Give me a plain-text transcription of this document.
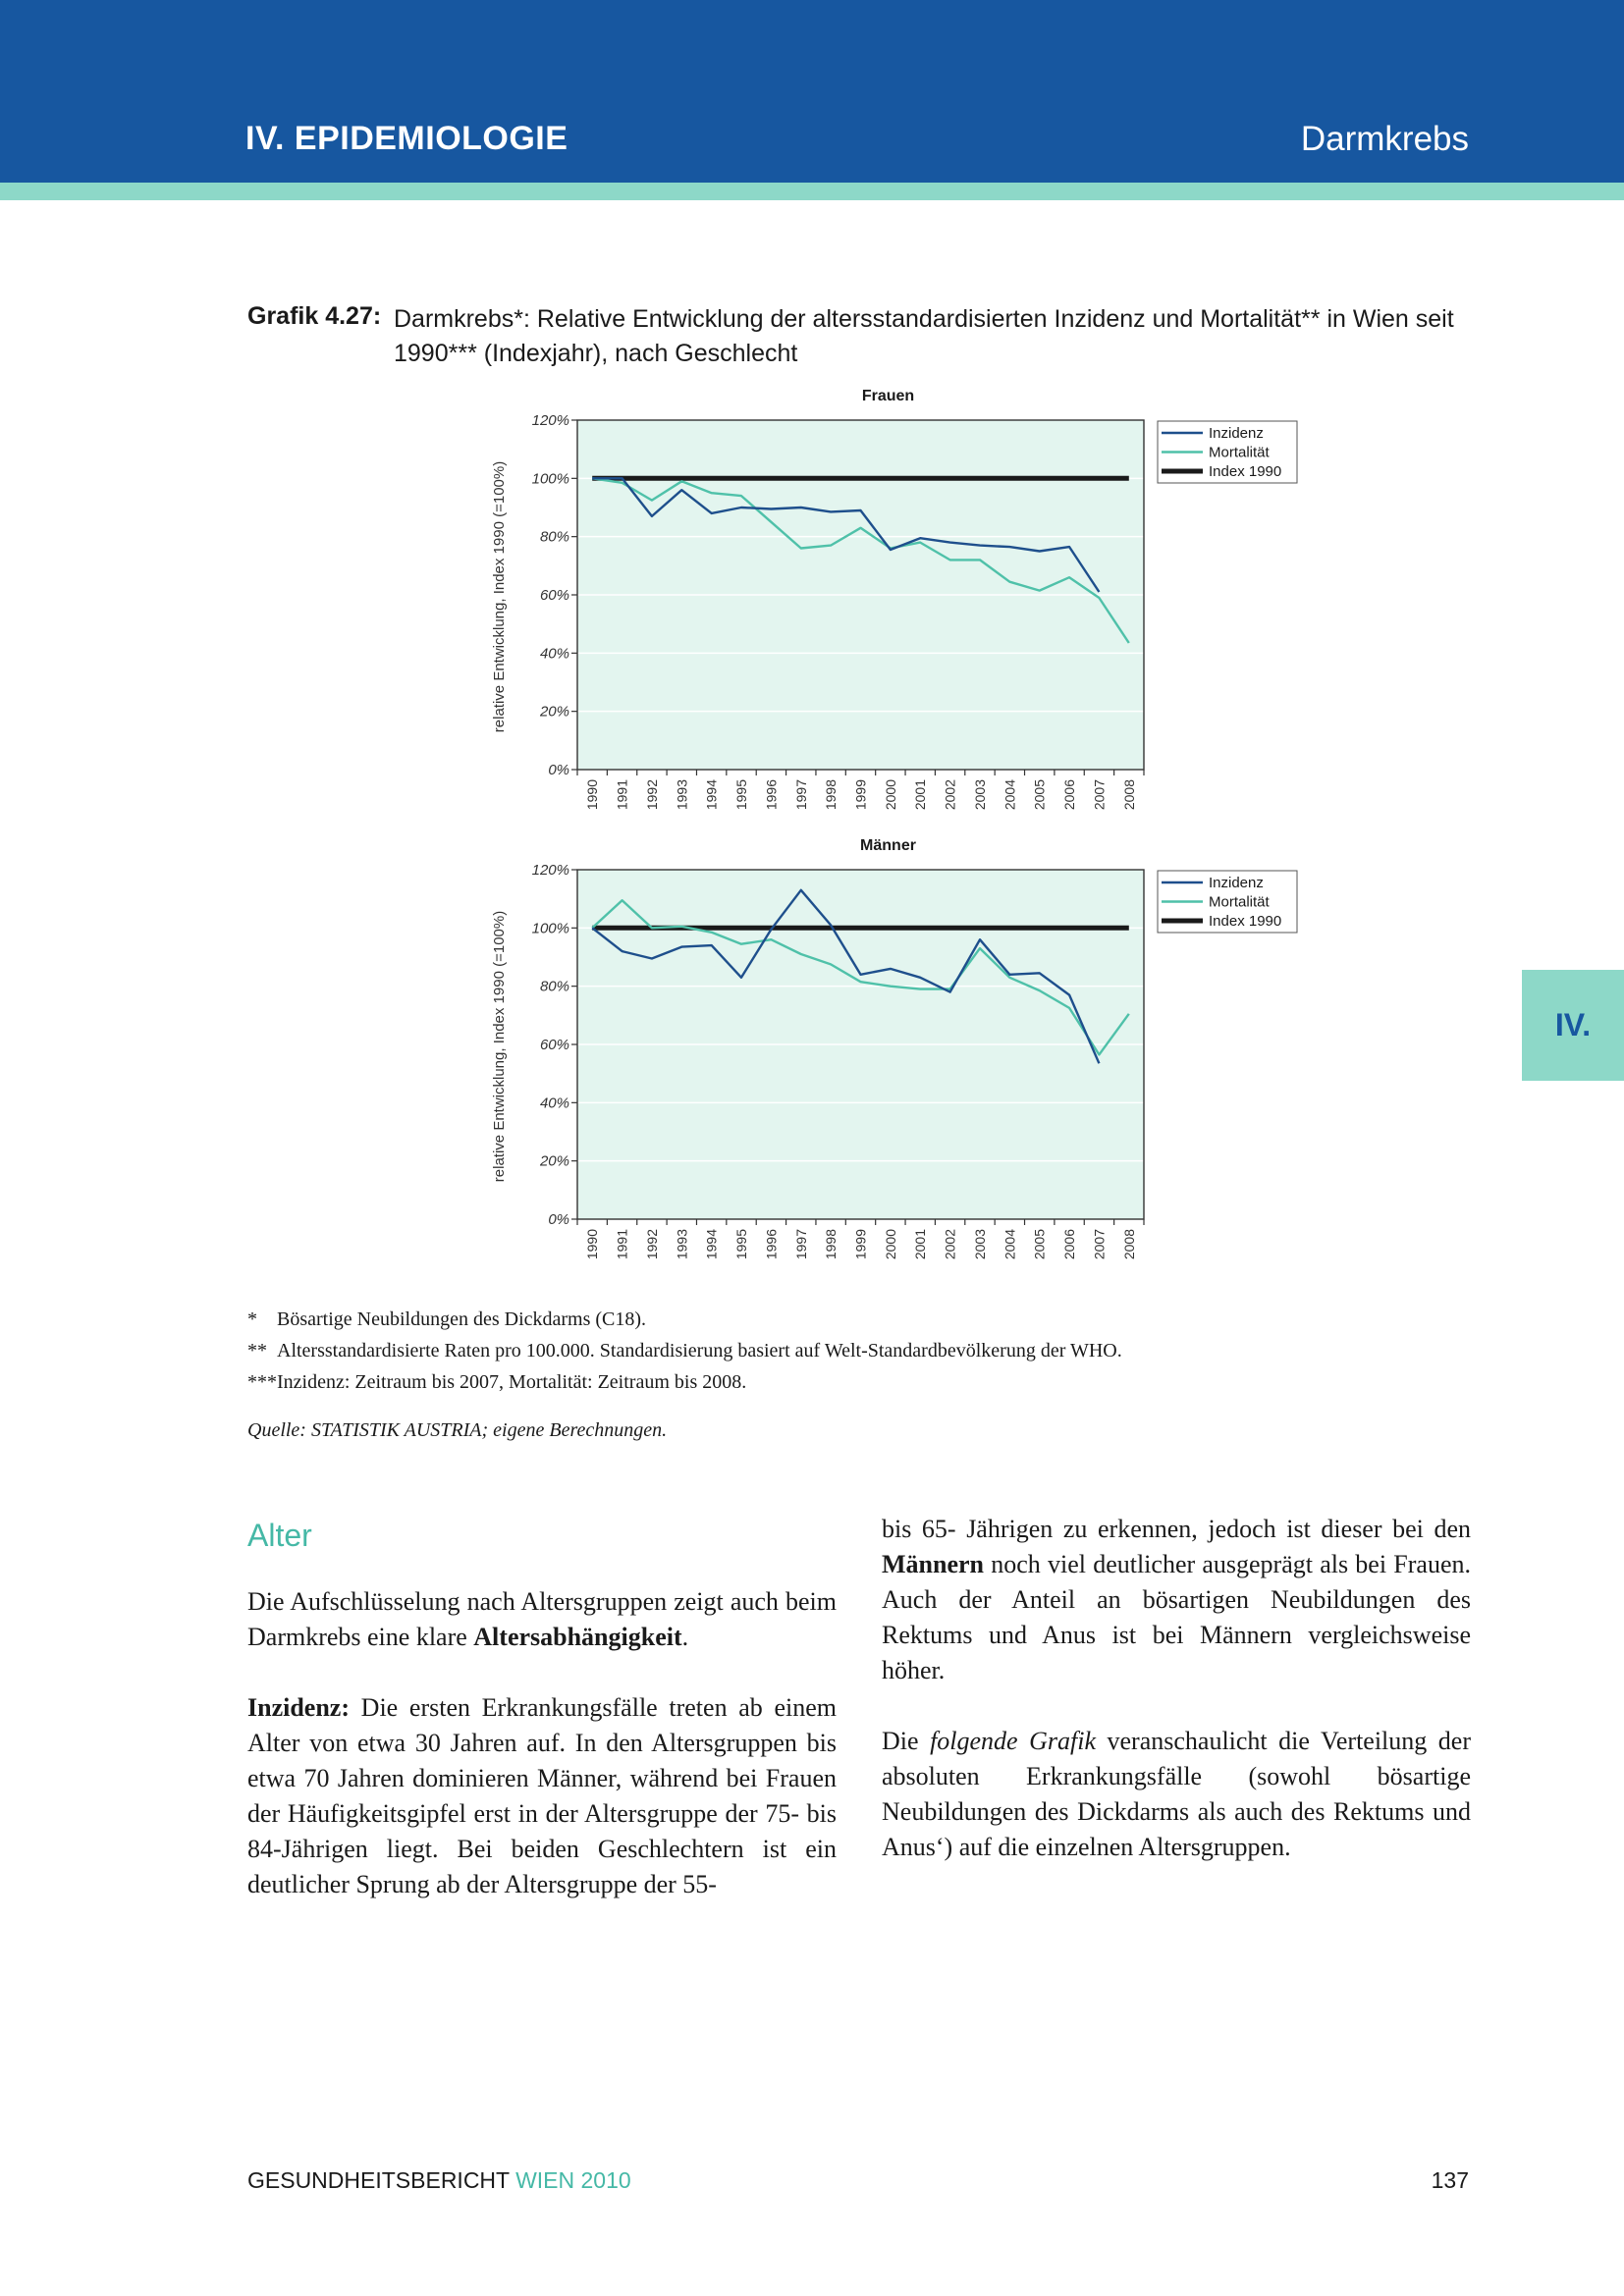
IV. EPIDEMIOLOGIE	Darmkrebs
IV.
Grafik 4.27: Darmkrebs*: Relative Entwicklung der altersstandardisierten Inzidenz und Mortalität** in Wien seit 1990*** (Indexjahr), nach Geschlecht
Frauen
0%
20%
40%
60%
80%
100%
120%
relative Entwicklung, Index 1990 (=100%)
1990 1991 1992 1993 1994 1995 1996 1997 1998 1999 2000 2001 2002 2003 2004 2005 2006 2007 2008
Inzidenz
Mortalität
Index 1990
Männer
0%
20%
40%
60%
80%
100%
120%
relative Entwicklung, Index 1990 (=100%)
1990 1991 1992 1993 1994 1995 1996 1997 1998 1999 2000 2001 2002 2003 2004 2005 2006 2007 2008
Inzidenz
Mortalität
Index 1990
*	Bösartige Neubildungen des Dickdarms (C18).
** Altersstandardisierte Raten pro 100.000. Standardisierung basiert auf Welt-Standardbevölkerung der WHO.
*** Inzidenz: Zeitraum bis 2007, Mortalität: Zeitraum bis 2008.
Quelle: STATISTIK AUSTRIA; eigene Berechnungen.
Alter

Die Aufschlüsselung nach Altersgruppen zeigt auch beim Darmkrebs eine klare Altersabhängigkeit.

Inzidenz: Die ersten Erkrankungsfälle treten ab einem Alter von etwa 30 Jahren auf. In den Altersgruppen bis etwa 70 Jahren dominieren Männer, während bei Frauen der Häufigkeitsgipfel erst in der Altersgruppe der 75- bis 84-Jährigen liegt. Bei beiden Geschlechtern ist ein deutlicher Sprung ab der Altersgruppe der 55-

bis 65- Jährigen zu erkennen, jedoch ist dieser bei den Männern noch viel deutlicher ausgeprägt als bei Frauen. Auch der Anteil an bösartigen Neubildungen des Rektums und Anus ist bei Männern vergleichsweise höher.

Die folgende Grafik veranschaulicht die Verteilung der absoluten Erkrankungsfälle (sowohl bösartige Neubildungen des Dickdarms als auch des Rektums und Anus‘) auf die einzelnen Altersgruppen.

GESUNDHEITSBERICHT WIEN 2010	137
